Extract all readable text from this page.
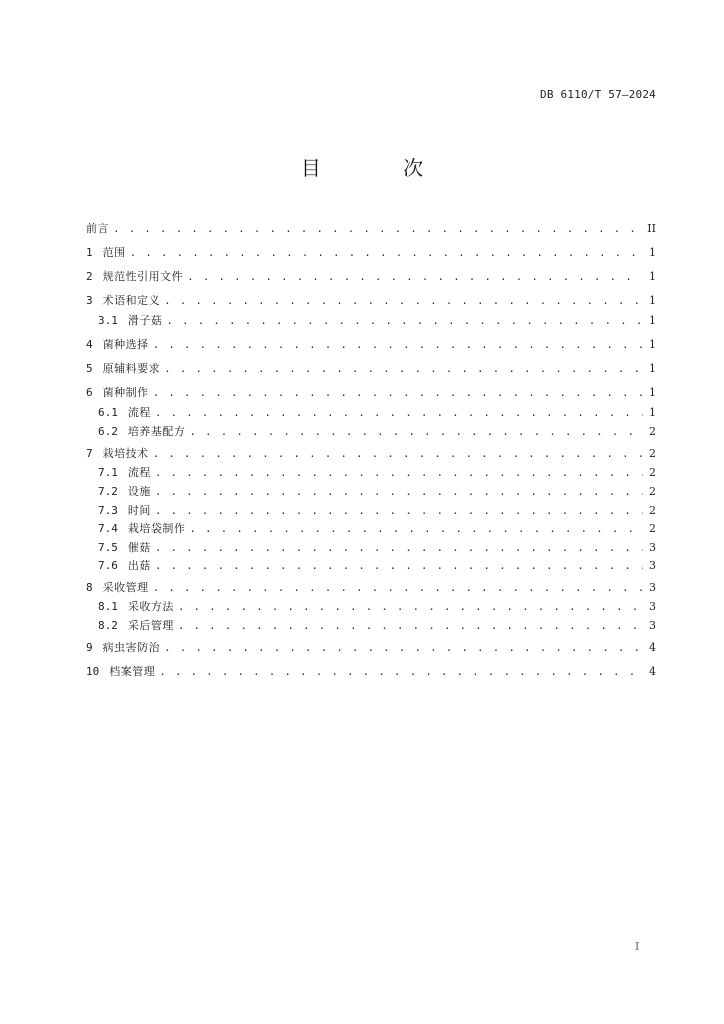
DB 6110/T 57—2024
目 次
前言 . . .	II
1 范围 . . .	1
2 规范性引用文件 . . .	1
3 术语和定义 . . .	1
3.1 滑子菇 . . .	1
4 菌种选择 . . .	1
5 原辅料要求 . . .	1
6 菌种制作 . . .	1
6.1 流程 . . .	1
6.2 培养基配方 . . .	2
7 栽培技术 . . .	2
7.1 流程 . . .	2
7.2 设施 . . .	2
7.3 时间 . . .	2
7.4 栽培袋制作 . . .	2
7.5 催菇 . . .	3
7.6 出菇 . . .	3
8 采收管理 . . .	3
8.1 采收方法 . . .	3
8.2 采后管理 . . .	3
9 病虫害防治 . . .	4
10 档案管理 . . .	4
I
